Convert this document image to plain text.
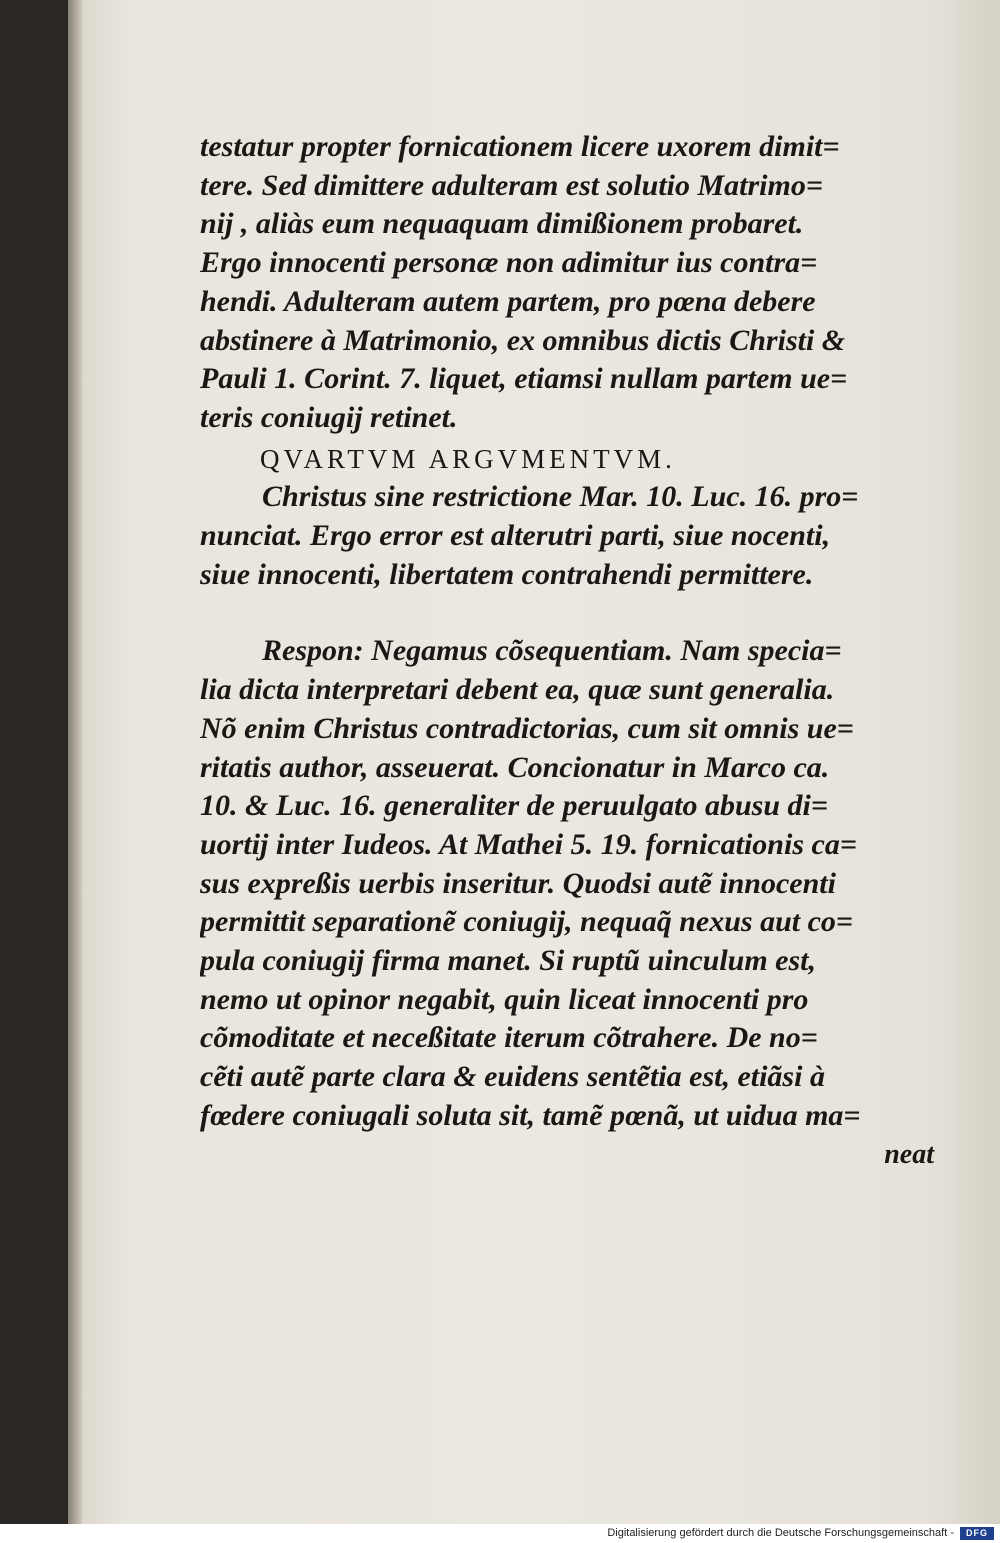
testatur propter fornicationem licere uxorem dimit=
tere. Sed dimittere adulteram est solutio Matrimo=
nij , aliàs eum nequaquam dimißionem probaret.
Ergo innocenti personæ non adimitur ius contra=
hendi. Adulteram autem partem, pro pœna debere
abstinere à Matrimonio, ex omnibus dictis Christi &
Pauli 1. Corint. 7. liquet, etiamsi nullam partem ue=
teris coniugij retinet.
QVARTVM ARGVMENTVM.
Christus sine restrictione Mar. 10. Luc. 16. pro=
nunciat. Ergo error est alterutri parti, siue nocenti,
siue innocenti, libertatem contrahendi permittere.
Respon: Negamus cõsequentiam. Nam specia=
lia dicta interpretari debent ea, quæ sunt generalia.
Nõ enim Christus contradictorias, cum sit omnis ue=
ritatis author, asseuerat. Concionatur in Marco ca.
10. & Luc. 16. generaliter de peruulgato abusu di=
uortij inter Iudeos. At Mathei 5. 19. fornicationis ca=
sus expreßis uerbis inseritur. Quodsi autẽ innocenti
permittit separationẽ coniugij, nequaq̃ nexus aut co=
pula coniugij firma manet. Si ruptũ uinculum est,
nemo ut opinor negabit, quin liceat innocenti pro
cõmoditate et neceßitate iterum cõtrahere. De no=
cẽti autẽ parte clara & euidens sentẽtia est, etiãsi à
fœdere coniugali soluta sit, tamẽ pœnã, ut uidua ma=
neat
Digitalisierung gefördert durch die Deutsche Forschungsgemeinschaft -	DFG
